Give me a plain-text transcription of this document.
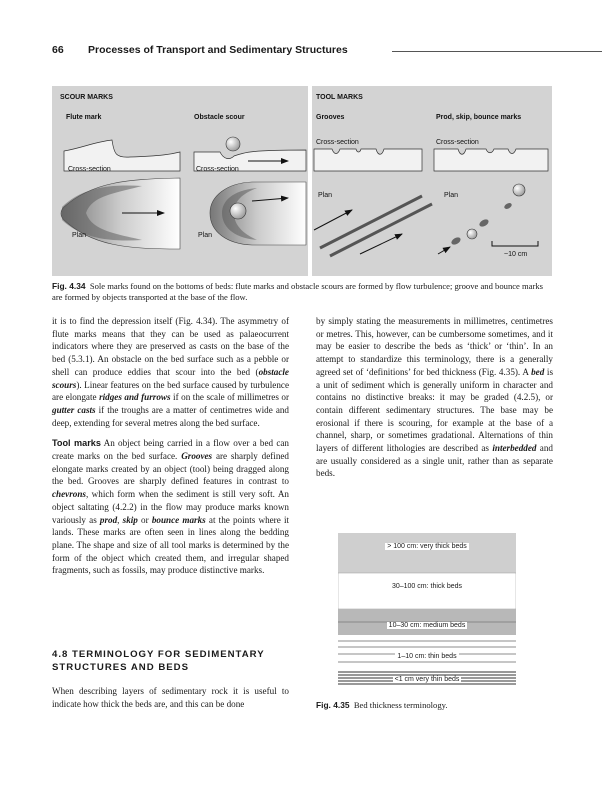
66 Processes of Transport and Sedimentary Structures
SCOUR MARKS	TOOL MARKS
Flute mark	Obstacle scour	Grooves	Prod, skip, bounce marks
Cross-section	Cross-section
Cross-section	Cross-section
Plan	Plan
Plan	Plan
~10 cm
Fig. 4.34 Sole marks found on the bottoms of beds: flute marks and obstacle scours are formed by flow turbulence; groove and bounce marks are formed by objects transported at the base of the flow.

it is to find the depression itself (Fig. 4.34). The asymmetry of flute marks means that they can be used as palaeocurrent indicators where they are preserved as casts on the base of the bed (5.3.1). An obstacle on the bed surface such as a pebble or shell can produce eddies that scour into the bed (obstacle scours). Linear features on the bed surface caused by turbulence are elongate ridges and furrows if on the scale of millimetres or gutter casts if the troughs are a matter of centimetres wide and deep, extending for several metres along the bed surface.

Tool marks An object being carried in a flow over a bed can create marks on the bed surface. Grooves are sharply defined elongate marks created by an object (tool) being dragged along the bed. Grooves are sharply defined features in contrast to chevrons, which form when the sediment is still very soft. An object saltating (4.2.2) in the flow may produce marks known variously as prod, skip or bounce marks at the points where it lands. These marks are often seen in lines along the bedding plane. The shape and size of all tool marks is determined by the form of the object which created them, and irregular shaped fragments, such as fossils, may produce distinctive marks.

4.8 TERMINOLOGY FOR SEDIMENTARY STRUCTURES AND BEDS
When describing layers of sedimentary rock it is useful to indicate how thick the beds are, and this can be done

by simply stating the measurements in millimetres, centimetres or metres. This, however, can be cumbersome sometimes, and it may be easier to describe the beds as ‘thick’ or ‘thin’. In an attempt to standardize this terminology, there is a generally agreed set of ‘definitions’ for bed thickness (Fig. 4.35). A bed is a unit of sediment which is generally uniform in character and contains no distinctive breaks: it may be graded (4.2.5), or contain different sedimentary structures. The base may be erosional if there is scouring, for example at the base of a channel, sharp, or sometimes gradational. Alternations of thin layers of different lithologies are described as interbedded and are usually considered as a single unit, rather than as separate beds.

> 100 cm: very thick beds
30–100 cm: thick beds
10–30 cm: medium beds
1–10 cm: thin beds
<1 cm very thin beds
Fig. 4.35 Bed thickness terminology.
